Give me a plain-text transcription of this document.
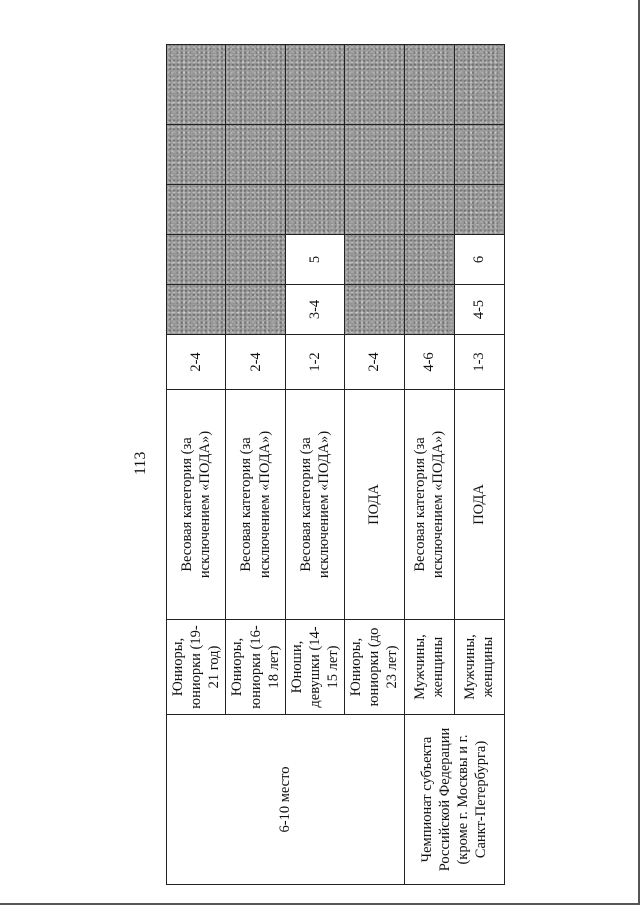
113
6-10 место	Юниоры, юниорки (19-21 год)	Весовая категория (за исключением «ПОДА»)	2-4					
	Юниоры, юниорки (16-18 лет)	Весовая категория (за исключением «ПОДА»)	2-4					
	Юноши, девушки (14-15 лет)	Весовая категория (за исключением «ПОДА»)	1-2	3-4	5			
	Юниоры, юниорки (до 23 лет)	ПОДА	2-4					
Чемпионат субъекта Российской Федерации (кроме г. Москвы и г. Санкт-Петербурга)	Мужчины, женщины	Весовая категория (за исключением «ПОДА»)	4-6					
	Мужчины, женщины	ПОДА	1-3	4-5	6			
